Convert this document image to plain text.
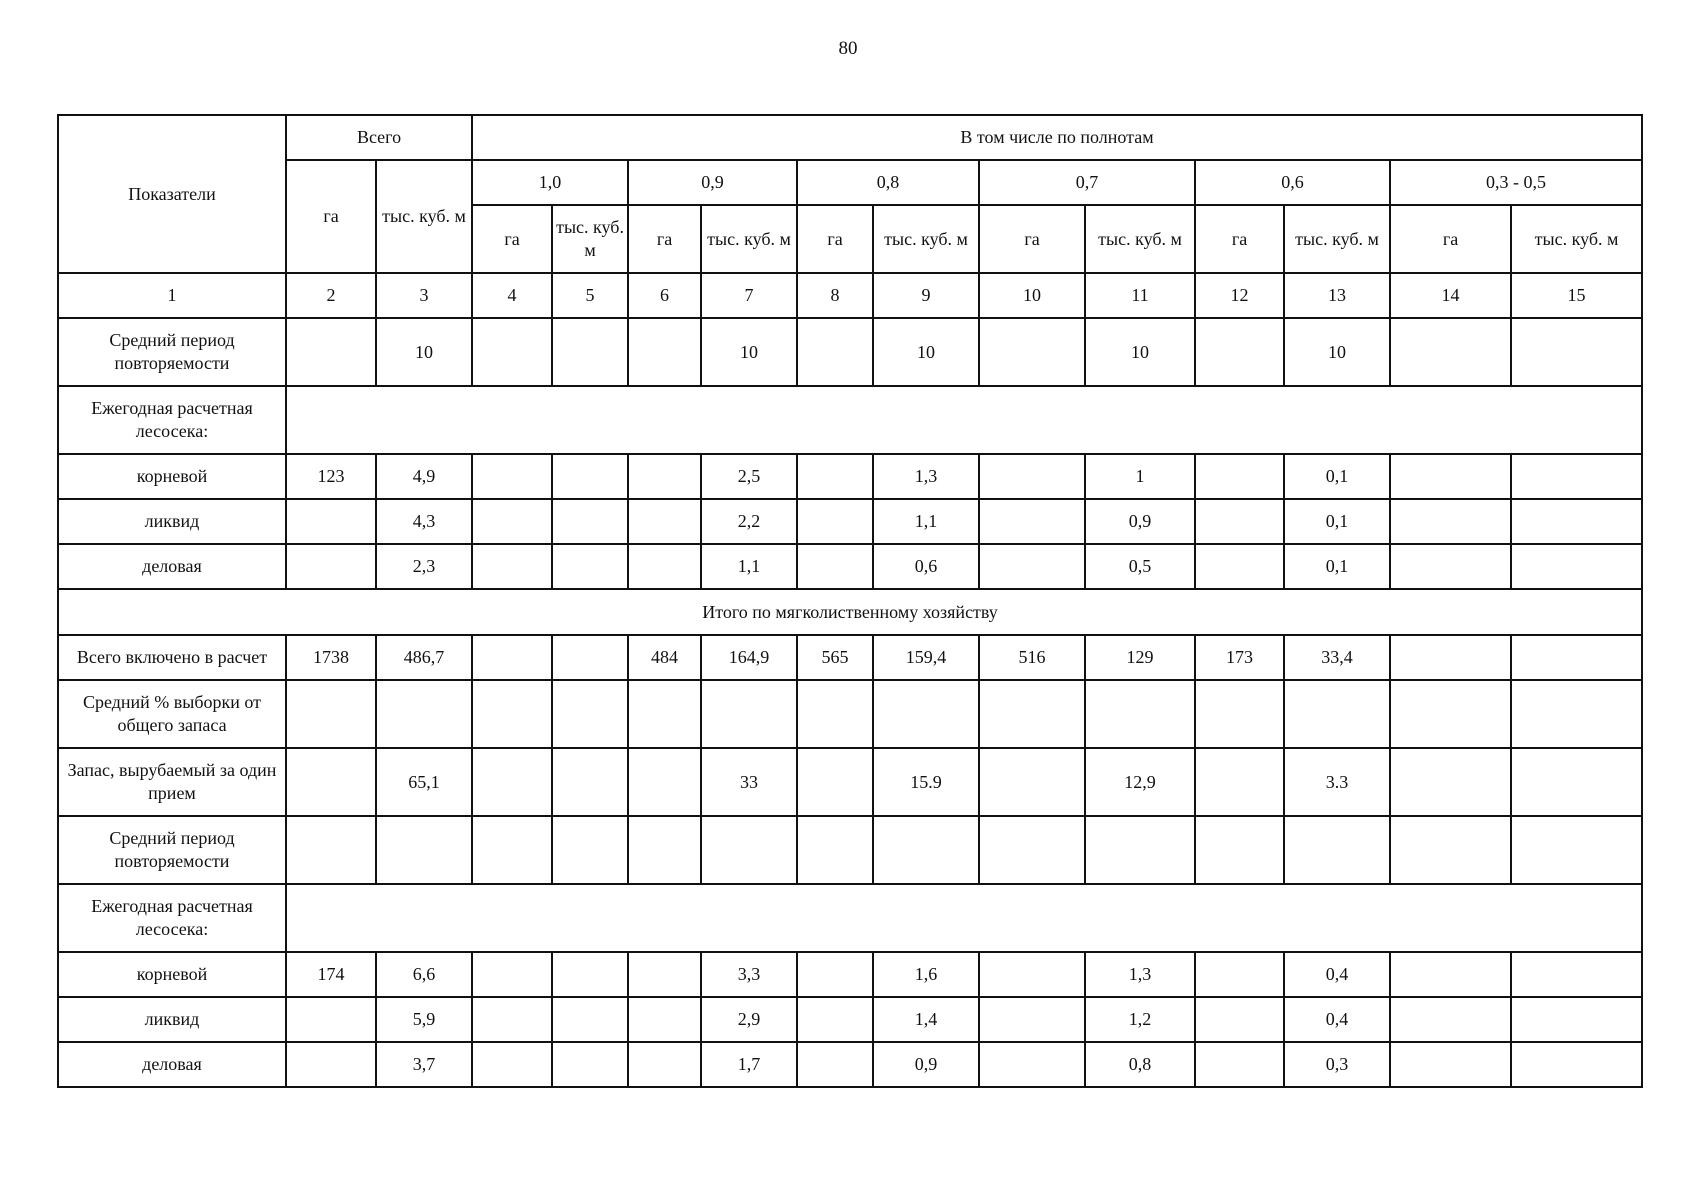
80
Показатели	Всего		В том числе по полнотам											
	га	тыс. куб. м	1,0		0,9		0,8		0,7		0,6		0,3 - 0,5	
			га	тыс. куб. м	га	тыс. куб. м	га	тыс. куб. м	га	тыс. куб. м	га	тыс. куб. м	га	тыс. куб. м
1	2	3	4	5	6	7	8	9	10	11	12	13	14	15
Средний период повторяемости		10				10		10		10		10		
Ежегодная расчетная лесосека:														
корневой	123	4,9				2,5		1,3		1		0,1		
ликвид		4,3				2,2		1,1		0,9		0,1		
деловая		2,3				1,1		0,6		0,5		0,1		
Итого по мягколиственному хозяйству														
Всего включено в расчет	1738	486,7			484	164,9	565	159,4	516	129	173	33,4		
Средний % выборки от общего запаса														
Запас, вырубаемый за один прием		65,1				33		15.9		12,9		3.3		
Средний период повторяемости														
Ежегодная расчетная лесосека:														
корневой	174	6,6				3,3		1,6		1,3		0,4		
ликвид		5,9				2,9		1,4		1,2		0,4		
деловая		3,7				1,7		0,9		0,8		0,3		
